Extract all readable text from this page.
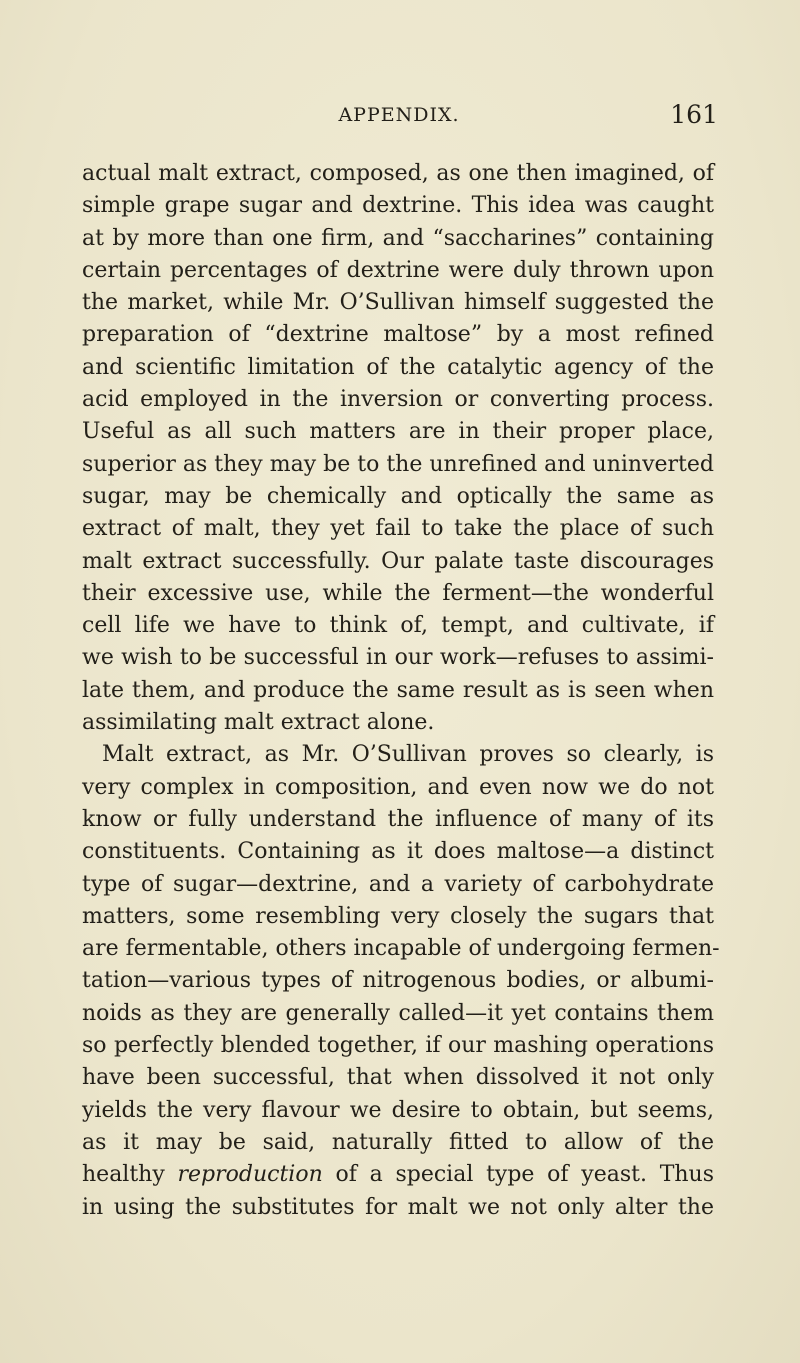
APPENDIX.	161
actual malt extract, composed, as one then imagined, of
simple grape sugar and dextrine. This idea was caught
at by more than one firm, and “saccharines” containing
certain percentages of dextrine were duly thrown upon
the market, while Mr. O’Sullivan himself suggested the
preparation of “dextrine maltose” by a most refined
and scientific limitation of the catalytic agency of the
acid employed in the inversion or converting process.
Useful as all such matters are in their proper place,
superior as they may be to the unrefined and uninverted
sugar, may be chemically and optically the same as
extract of malt, they yet fail to take the place of such
malt extract successfully. Our palate taste discourages
their excessive use, while the ferment—the wonderful
cell life we have to think of, tempt, and cultivate, if
we wish to be successful in our work—refuses to assimi-
late them, and produce the same result as is seen when
assimilating malt extract alone.
Malt extract, as Mr. O’Sullivan proves so clearly, is
very complex in composition, and even now we do not
know or fully understand the influence of many of its
constituents. Containing as it does maltose—a distinct
type of sugar—dextrine, and a variety of carbohydrate
matters, some resembling very closely the sugars that
are fermentable, others incapable of undergoing fermen-
tation—various types of nitrogenous bodies, or albumi-
noids as they are generally called—it yet contains them
so perfectly blended together, if our mashing operations
have been successful, that when dissolved it not only
yields the very flavour we desire to obtain, but seems,
as it may be said, naturally fitted to allow of the
healthy reproduction of a special type of yeast. Thus
in using the substitutes for malt we not only alter the
